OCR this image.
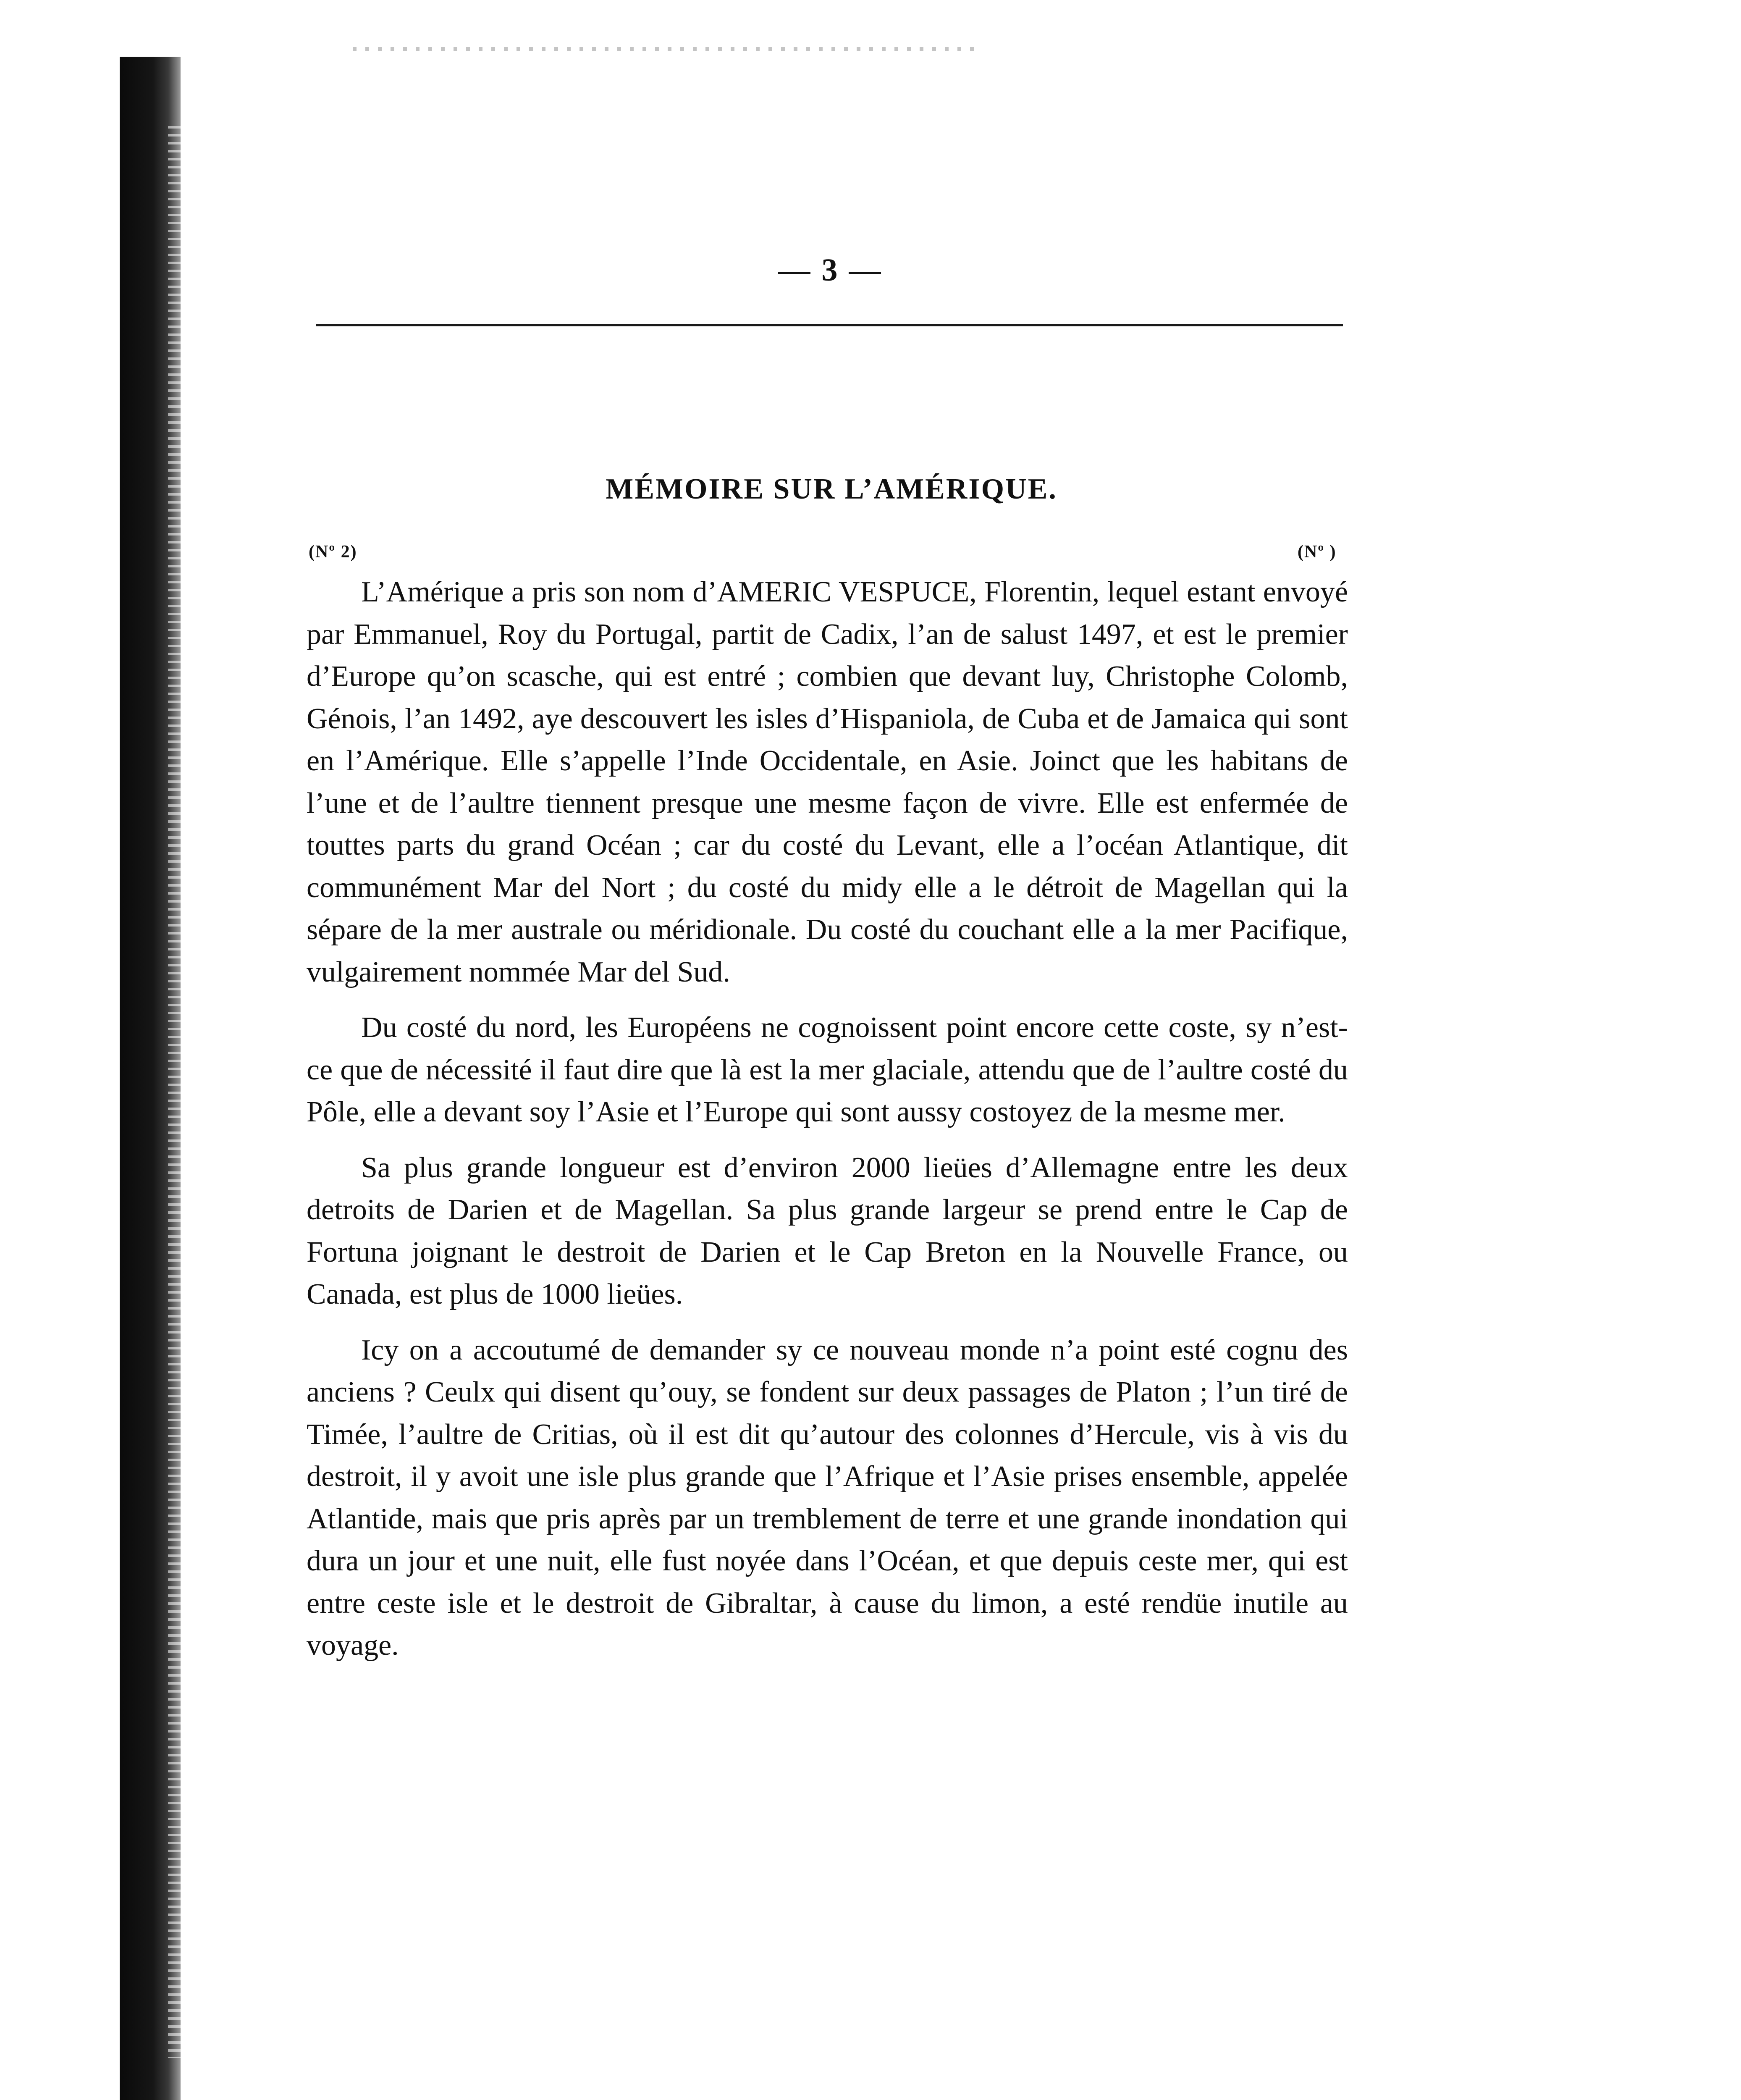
— 3 —
MÉMOIRE SUR L’AMÉRIQUE.
(Nº 2)	(Nº )

L’Amérique a pris son nom d’AMERIC VESPUCE, Florentin, lequel estant envoyé par Emmanuel, Roy du Portugal, partit de Cadix, l’an de salust 1497, et est le premier d’Europe qu’on scasche, qui est entré ; combien que devant luy, Christophe Colomb, Génois, l’an 1492, aye descouvert les isles d’Hispaniola, de Cuba et de Jamaica qui sont en l’Amérique. Elle s’appelle l’Inde Occidentale, en Asie. Joinct que les habitans de l’une et de l’aultre tiennent presque une mesme façon de vivre. Elle est enfermée de touttes parts du grand Océan ; car du costé du Levant, elle a l’océan Atlantique, dit communément Mar del Nort ; du costé du midy elle a le détroit de Magellan qui la sépare de la mer australe ou méridionale. Du costé du couchant elle a la mer Pacifique, vulgairement nommée Mar del Sud.

Du costé du nord, les Européens ne cognoissent point encore cette coste, sy n’est-ce que de nécessité il faut dire que là est la mer glaciale, attendu que de l’aultre costé du Pôle, elle a devant soy l’Asie et l’Europe qui sont aussy costoyez de la mesme mer.

Sa plus grande longueur est d’environ 2000 lieües d’Allemagne entre les deux detroits de Darien et de Magellan. Sa plus grande largeur se prend entre le Cap de Fortuna joignant le destroit de Darien et le Cap Breton en la Nouvelle France, ou Canada, est plus de 1000 lieües.

Icy on a accoutumé de demander sy ce nouveau monde n’a point esté cognu des anciens ? Ceulx qui disent qu’ouy, se fondent sur deux passages de Platon ; l’un tiré de Timée, l’aultre de Critias, où il est dit qu’autour des colonnes d’Hercule, vis à vis du destroit, il y avoit une isle plus grande que l’Afrique et l’Asie prises ensemble, appelée Atlantide, mais que pris après par un tremblement de terre et une grande inondation qui dura un jour et une nuit, elle fust noyée dans l’Océan, et que depuis ceste mer, qui est entre ceste isle et le destroit de Gibraltar, à cause du limon, a esté rendüe inutile au voyage.
